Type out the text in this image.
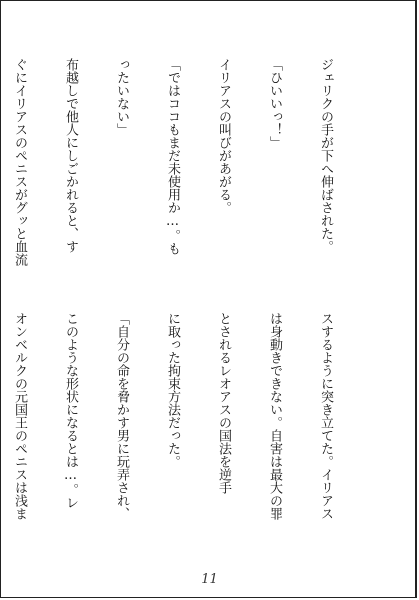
ジェリクの手が下へ伸ばされた。

「ひいいっ！」

イリアスの叫びがあがる。

「ではココもまだ未使用か…。も

ったいない」

布越しで他人にしごかれると、す

ぐにイリアスのペニスがグッと血流

スするように突き立てた。イリアス

は身動きできない。自害は最大の罪

とされるレオアスの国法を逆手

に取った拘束方法だった。

「自分の命を脅かす男に玩弄され、

このような形状になるとは…。レ

オンベルクの元国王のペニスは浅ま

11
